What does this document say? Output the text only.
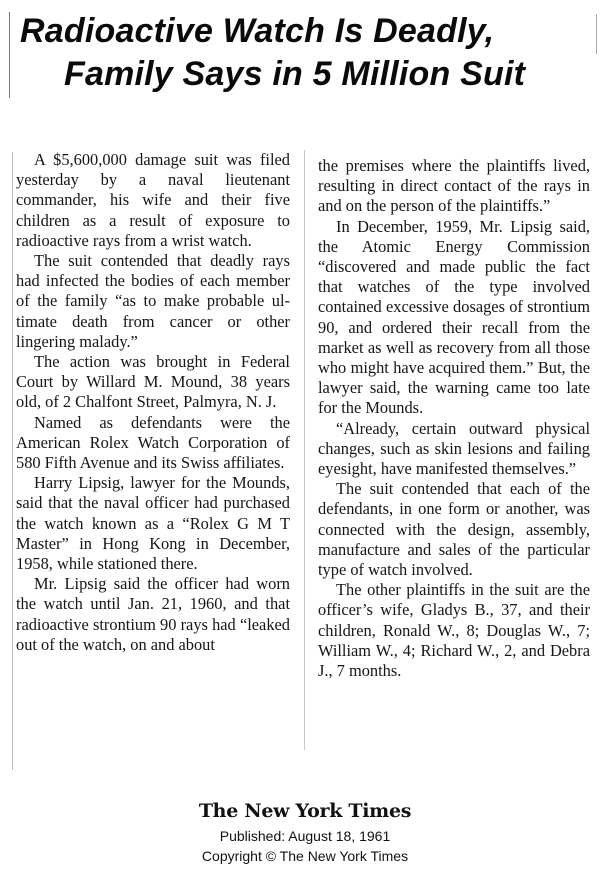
Radioactive Watch Is Deadly,
Family Says in 5 Million Suit

A $5,600,000 damage suit was filed yesterday by a naval lieutenant commander, his wife and their five children as a result of exposure to radioactive rays from a wrist watch.

The suit contended that deadly rays had infected the bodies of each member of the family “as to make probable ultimate death from cancer or other lingering malady.”

The action was brought in Federal Court by Willard M. Mound, 38 years old, of 2 Chalfont Street, Palmyra, N. J.

Named as defendants were the American Rolex Watch Corporation of 580 Fifth Avenue and its Swiss affiliates.

Harry Lipsig, lawyer for the Mounds, said that the naval officer had purchased the watch known as a “Rolex G M T Master” in Hong Kong in December, 1958, while stationed there.

Mr. Lipsig said the officer had worn the watch until Jan. 21, 1960, and that radioactive strontium 90 rays had “leaked out of the watch, on and about

the premises where the plaintiffs lived, resulting in direct contact of the rays in and on the person of the plaintiffs.”

In December, 1959, Mr. Lipsig said, the Atomic Energy Commission “discovered and made public the fact that watches of the type involved contained excessive dosages of strontium 90, and ordered their recall from the market as well as recovery from all those who might have acquired them.” But, the lawyer said, the warning came too late for the Mounds.

“Already, certain outward physical changes, such as skin lesions and failing eyesight, have manifested themselves.”

The suit contended that each of the defendants, in one form or another, was connected with the design, assembly, manufacture and sales of the particular type of watch involved.

The other plaintiffs in the suit are the officer’s wife, Gladys B., 37, and their children, Ronald W., 8; Douglas W., 7; William W., 4; Richard W., 2, and Debra J., 7 months.

The New York Times
Published: August 18, 1961
Copyright © The New York Times
